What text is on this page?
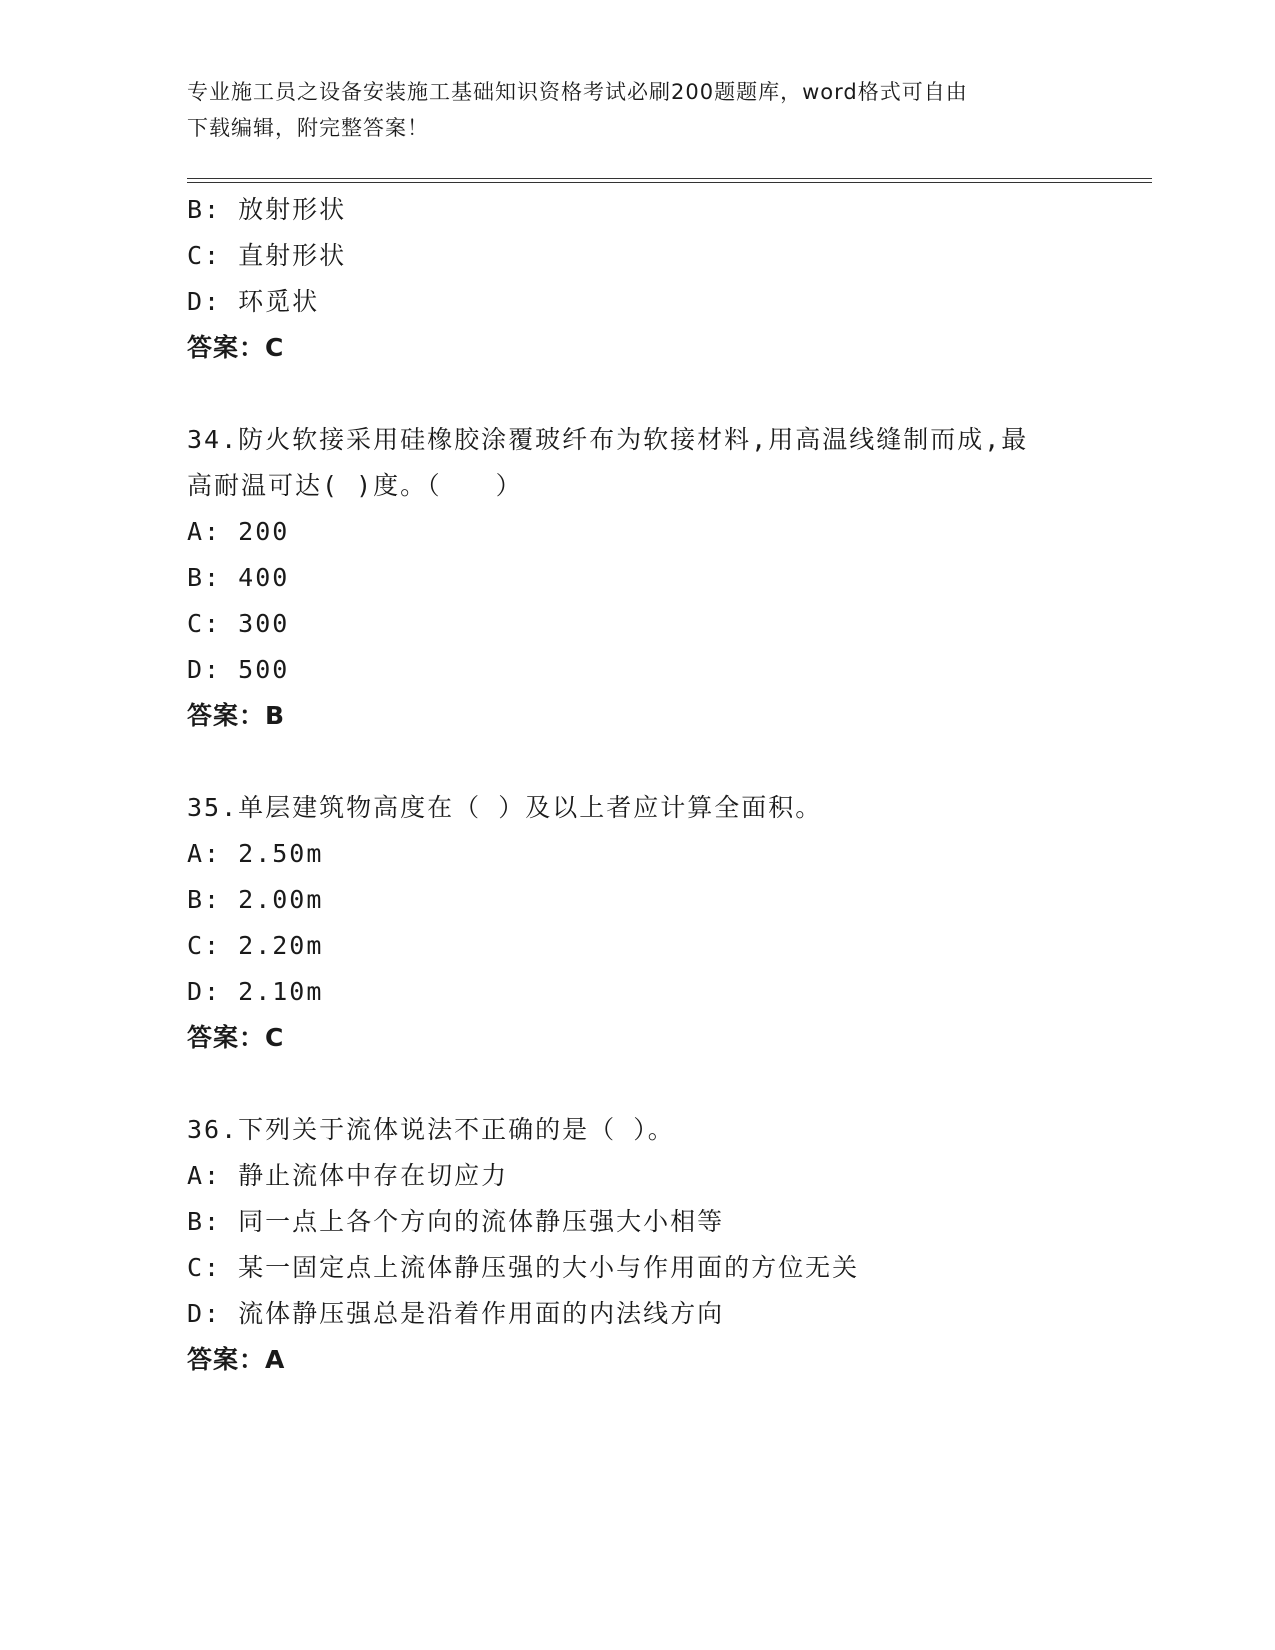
专业施工员之设备安装施工基础知识资格考试必刷200题题库，word格式可自由
下载编辑，附完整答案！
B: 放射形状
C: 直射形状
D: 环觅状
答案：C
34.防火软接采用硅橡胶涂覆玻纤布为软接材料,用高温线缝制而成,最
高耐温可达( )度。（　　）
A: 200
B: 400
C: 300
D: 500
答案：B
35.单层建筑物高度在（ ）及以上者应计算全面积。
A: 2.50m
B: 2.00m
C: 2.20m
D: 2.10m
答案：C
36.下列关于流体说法不正确的是（ ）。
A: 静止流体中存在切应力
B: 同一点上各个方向的流体静压强大小相等
C: 某一固定点上流体静压强的大小与作用面的方位无关
D: 流体静压强总是沿着作用面的内法线方向
答案：A
